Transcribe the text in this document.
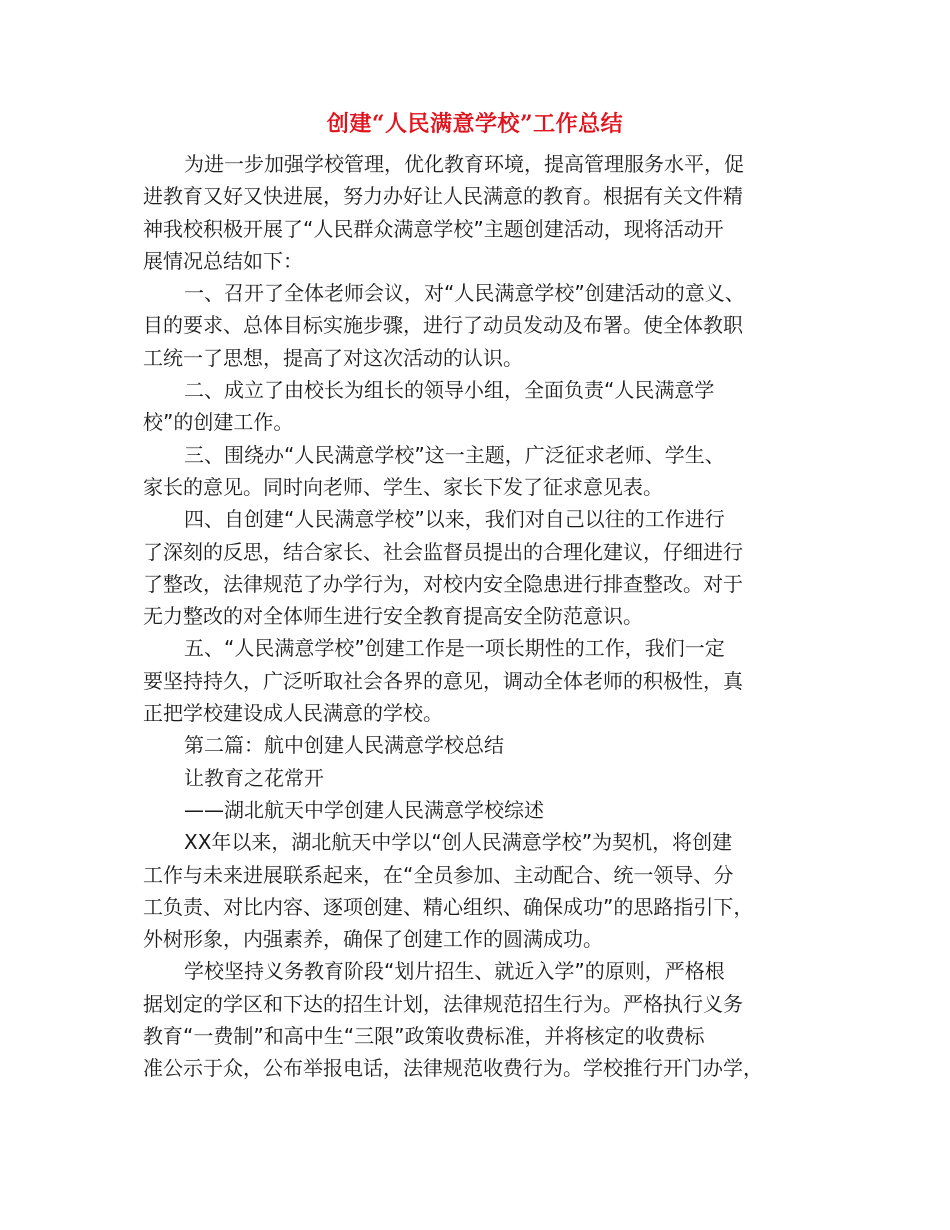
创建“人民满意学校”工作总结
为进一步加强学校管理，优化教育环境，提高管理服务水平，促
进教育又好又快进展，努力办好让人民满意的教育。根据有关文件精
神我校积极开展了“人民群众满意学校”主题创建活动，现将活动开
展情况总结如下：
一、召开了全体老师会议，对“人民满意学校”创建活动的意义、
目的要求、总体目标实施步骤，进行了动员发动及布署。使全体教职
工统一了思想，提高了对这次活动的认识。
二、成立了由校长为组长的领导小组，全面负责“人民满意学
校”的创建工作。
三、围绕办“人民满意学校”这一主题，广泛征求老师、学生、
家长的意见。同时向老师、学生、家长下发了征求意见表。
四、自创建“人民满意学校”以来，我们对自己以往的工作进行
了深刻的反思，结合家长、社会监督员提出的合理化建议，仔细进行
了整改，法律规范了办学行为，对校内安全隐患进行排查整改。对于
无力整改的对全体师生进行安全教育提高安全防范意识。
五、“人民满意学校”创建工作是一项长期性的工作，我们一定
要坚持持久，广泛听取社会各界的意见，调动全体老师的积极性，真
正把学校建设成人民满意的学校。
第二篇：航中创建人民满意学校总结
让教育之花常开
——湖北航天中学创建人民满意学校综述
XX年以来，湖北航天中学以“创人民满意学校”为契机，将创建
工作与未来进展联系起来，在“全员参加、主动配合、统一领导、分
工负责、对比内容、逐项创建、精心组织、确保成功”的思路指引下，
外树形象，内强素养，确保了创建工作的圆满成功。
学校坚持义务教育阶段“划片招生、就近入学”的原则，严格根
据划定的学区和下达的招生计划，法律规范招生行为。严格执行义务
教育“一费制”和高中生“三限”政策收费标准，并将核定的收费标
准公示于众，公布举报电话，法律规范收费行为。学校推行开门办学，
